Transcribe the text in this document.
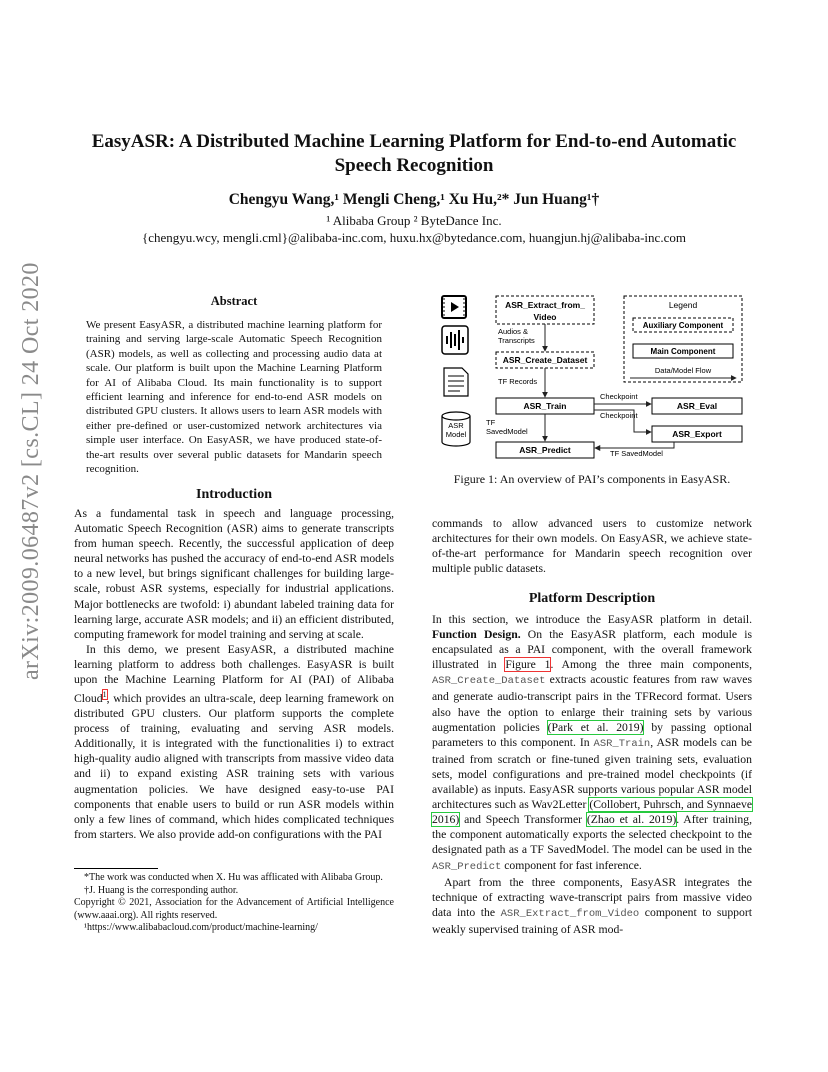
EasyASR: A Distributed Machine Learning Platform for End-to-end Automatic
Speech Recognition
Chengyu Wang,¹ Mengli Cheng,¹ Xu Hu,²* Jun Huang¹†
¹ Alibaba Group ² ByteDance Inc.
{chengyu.wcy, mengli.cml}@alibaba-inc.com, huxu.hx@bytedance.com, huangjun.hj@alibaba-inc.com
arXiv:2009.06487v2 [cs.CL] 24 Oct 2020	Abstract
We present EasyASR, a distributed machine learning platform for training and serving large-scale Automatic Speech Recognition (ASR) models, as well as collecting and processing audio data at scale. Our platform is built upon the Machine Learning Platform for AI of Alibaba Cloud. Its main functionality is to support efficient learning and inference for end-to-end ASR models on distributed GPU clusters. It allows users to learn ASR models with either pre-defined or user-customized network architectures via simple user interface. On EasyASR, we have produced state-of-the-art results over several public datasets for Mandarin speech recognition.
Introduction

As a fundamental task in speech and language processing, Automatic Speech Recognition (ASR) aims to generate transcripts from human speech. Recently, the successful application of deep neural networks has pushed the accuracy of end-to-end ASR models to a new level, but brings significant challenges for building large-scale, robust ASR systems, especially for industrial applications. Major bottlenecks are twofold: i) abundant labeled training data for learning large, accurate ASR models; and ii) an efficient distributed, computing framework for model training and serving at scale.

In this demo, we present EasyASR, a distributed machine learning platform to address both challenges. EasyASR is built upon the Machine Learning Platform for AI (PAI) of Alibaba Cloud$^1$, which provides an ultra-scale, deep learning framework on distributed GPU clusters. Our platform supports the complete process of training, evaluating and serving ASR models. Additionally, it is integrated with the functionalities i) to extract high-quality audio aligned with transcripts from massive video data and ii) to expand existing ASR training sets with various augmentation policies. We have designed easy-to-use PAI components that enable users to build or run ASR models within only a few lines of command, which hides complicated techniques from starters. We also provide add-on configurations with the PAI

*The work was conducted when X. Hu was afflicated with Alibaba Group.

†J. Huang is the corresponding author.

Copyright © 2021, Association for the Advancement of Artificial Intelligence (www.aaai.org). All rights reserved.

¹https://www.alibabacloud.com/product/machine-learning/

ASR
Model
ASR_Extract_from_
Video
Audios &
Transcripts
ASR_Create_Dataset
TF Records
ASR_Train
TF
SavedModel
ASR_Predict
ASR_Eval
ASR_Export
Checkpoint
Checkpoint
TF SavedModel
Legend
Auxiliary Component
Main Component
Data/Model Flow
Figure 1: An overview of PAI’s components in EasyASR.

commands to allow advanced users to customize network architectures for their own models. On EasyASR, we achieve state-of-the-art performance for Mandarin speech recognition over multiple public datasets.

Platform Description

In this section, we introduce the EasyASR platform in detail. Function Design. On the EasyASR platform, each module is encapsulated as a PAI component, with the overall framework illustrated in Figure 1. Among the three main components, ASR_Create_Dataset extracts acoustic features from raw waves and generate audio-transcript pairs in the TFRecord format. Users also have the option to enlarge their training sets by various augmentation policies (Park et al. 2019) by passing optional parameters to this component. In ASR_Train, ASR models can be trained from scratch or fine-tuned given training sets, evaluation sets, model configurations and pre-trained model checkpoints (if available) as inputs. EasyASR supports various popular ASR model architectures such as Wav2Letter (Collobert, Puhrsch, and Synnaeve 2016) and Speech Transformer (Zhao et al. 2019). After training, the component automatically exports the selected checkpoint to the designated path as a TF SavedModel. The model can be used in the ASR_Predict component for fast inference.

Apart from the three components, EasyASR integrates the technique of extracting wave-transcript pairs from massive video data into the ASR_Extract_from_Video component to support weakly supervised training of ASR mod-
